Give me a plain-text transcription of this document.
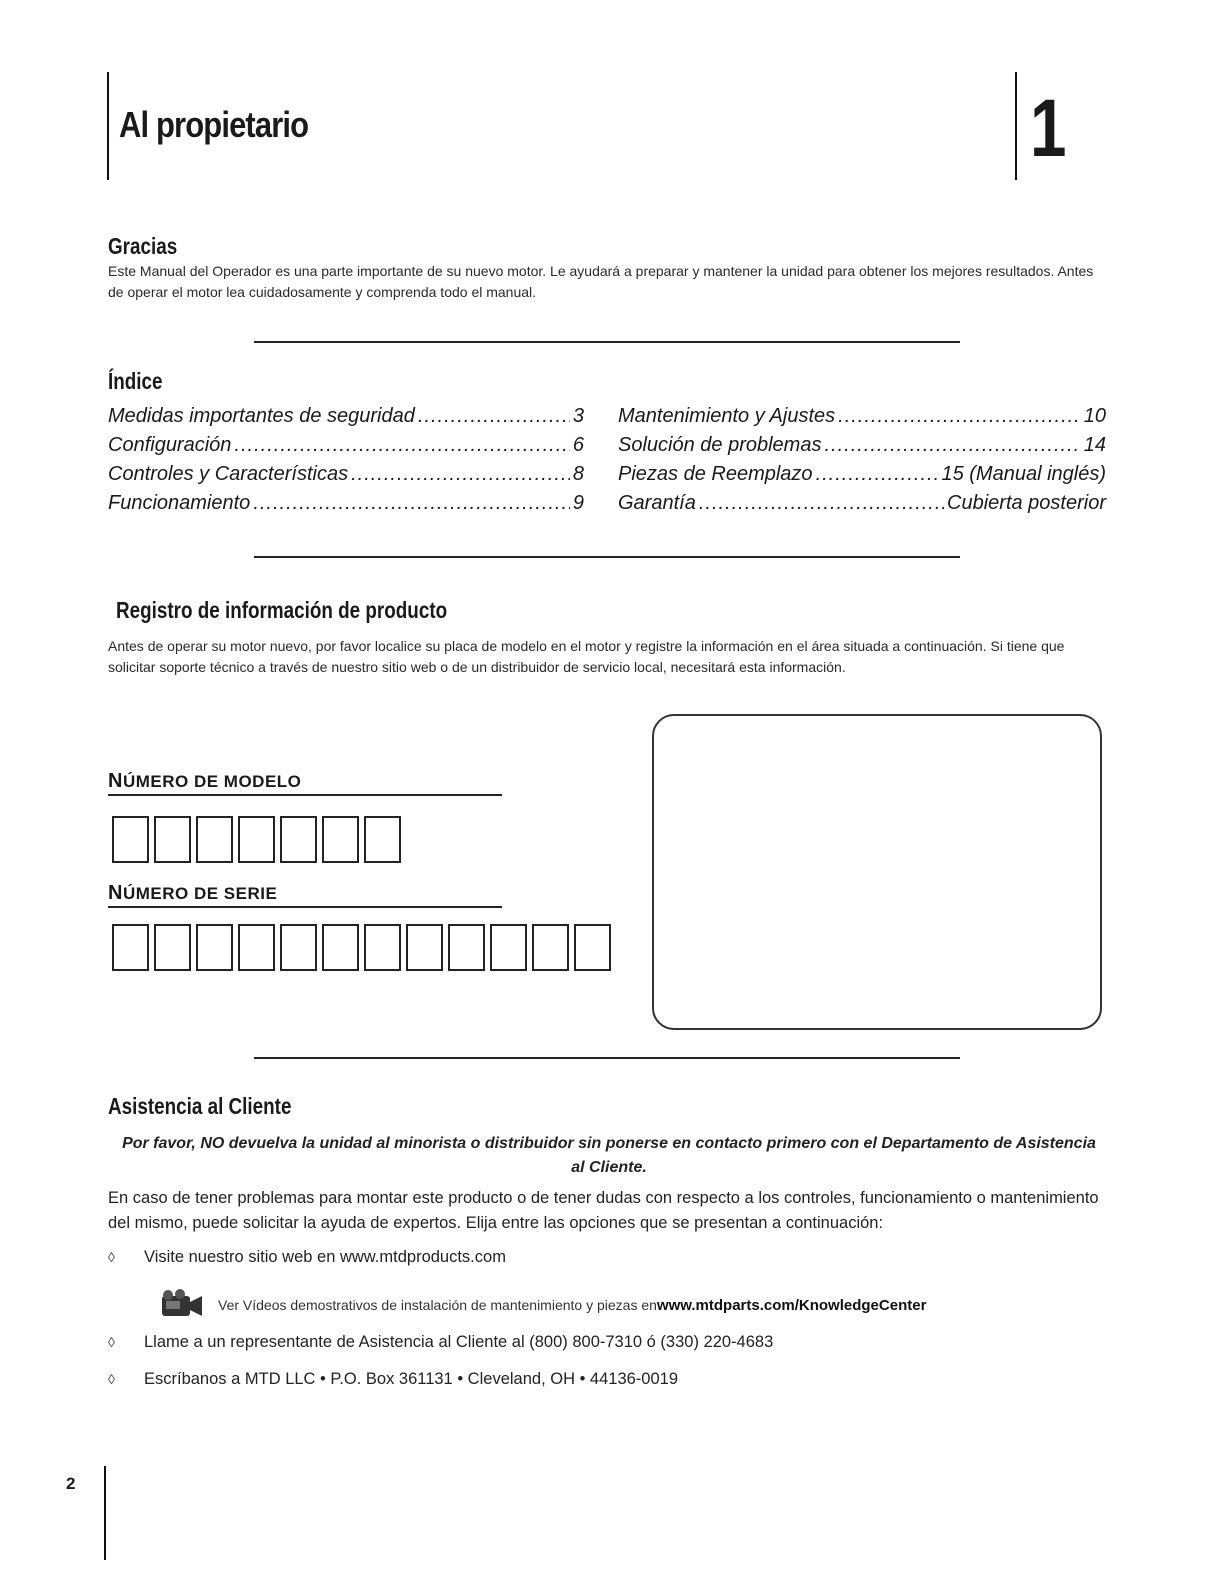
Al propietario	1
Gracias
Este Manual del Operador es una parte importante de su nuevo motor. Le ayudará a preparar y mantener la unidad para obtener los mejores resultados. Antes de operar el motor lea cuidadosamente y comprenda todo el manual.
Índice
Medidas importantes de seguridad .....	3
Configuración .....	6
Controles y Características .....	8
Funcionamiento .....	9
Mantenimiento y Ajustes .....	10
Solución de problemas .....	14
Piezas de Reemplazo .....	15 (Manual inglés)
Garantía .....	Cubierta posterior
Registro de información de producto
Antes de operar su motor nuevo, por favor localice su placa de modelo en el motor y registre la información en el área situada a continuación. Si tiene que solicitar soporte técnico a través de nuestro sitio web o de un distribuidor de servicio local, necesitará esta información.
NÚMERO DE MODELO
NÚMERO DE SERIE
Asistencia al Cliente
Por favor, NO devuelva la unidad al minorista o distribuidor sin ponerse en contacto primero con el Departamento de Asistencia al Cliente.
En caso de tener problemas para montar este producto o de tener dudas con respecto a los controles, funcionamiento o mantenimiento del mismo, puede solicitar la ayuda de expertos. Elija entre las opciones que se presentan a continuación:
◊ Visite nuestro sitio web en www.mtdproducts.com
Ver Vídeos demostrativos de instalación de mantenimiento y piezas en www.mtdparts.com/KnowledgeCenter
◊ Llame a un representante de Asistencia al Cliente al (800) 800-7310 ó (330) 220-4683
◊ Escríbanos a MTD LLC • P.O. Box 361131 • Cleveland, OH • 44136-0019
2
